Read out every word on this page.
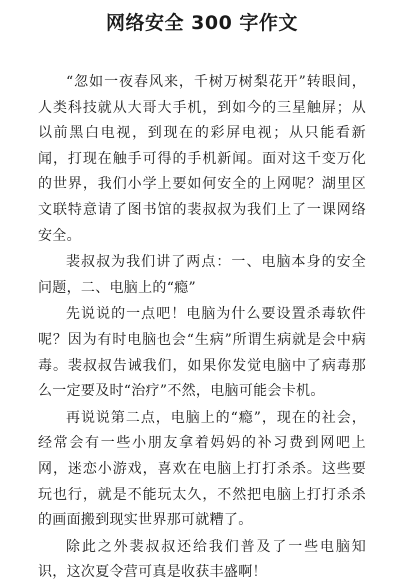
网络安全 300 字作文

“忽如一夜春风来，千树万树梨花开”转眼间，人类科技就从大哥大手机，到如今的三星触屏；从以前黑白电视，到现在的彩屏电视；从只能看新闻，打现在触手可得的手机新闻。面对这千变万化的世界，我们小学上要如何安全的上网呢？湖里区文联特意请了图书馆的裴叔叔为我们上了一课网络安全。

裴叔叔为我们讲了两点：一、电脑本身的安全问题，二、电脑上的“瘾”

先说说的一点吧！电脑为什么要设置杀毒软件呢？因为有时电脑也会“生病”所谓生病就是会中病毒。裴叔叔告诫我们，如果你发觉电脑中了病毒那么一定要及时“治疗”不然，电脑可能会卡机。

再说说第二点，电脑上的“瘾”，现在的社会，经常会有一些小朋友拿着妈妈的补习费到网吧上网，迷恋小游戏，喜欢在电脑上打打杀杀。这些要玩也行，就是不能玩太久，不然把电脑上打打杀杀的画面搬到现实世界那可就糟了。

除此之外裴叔叔还给我们普及了一些电脑知识，这次夏令营可真是收获丰盛啊！
